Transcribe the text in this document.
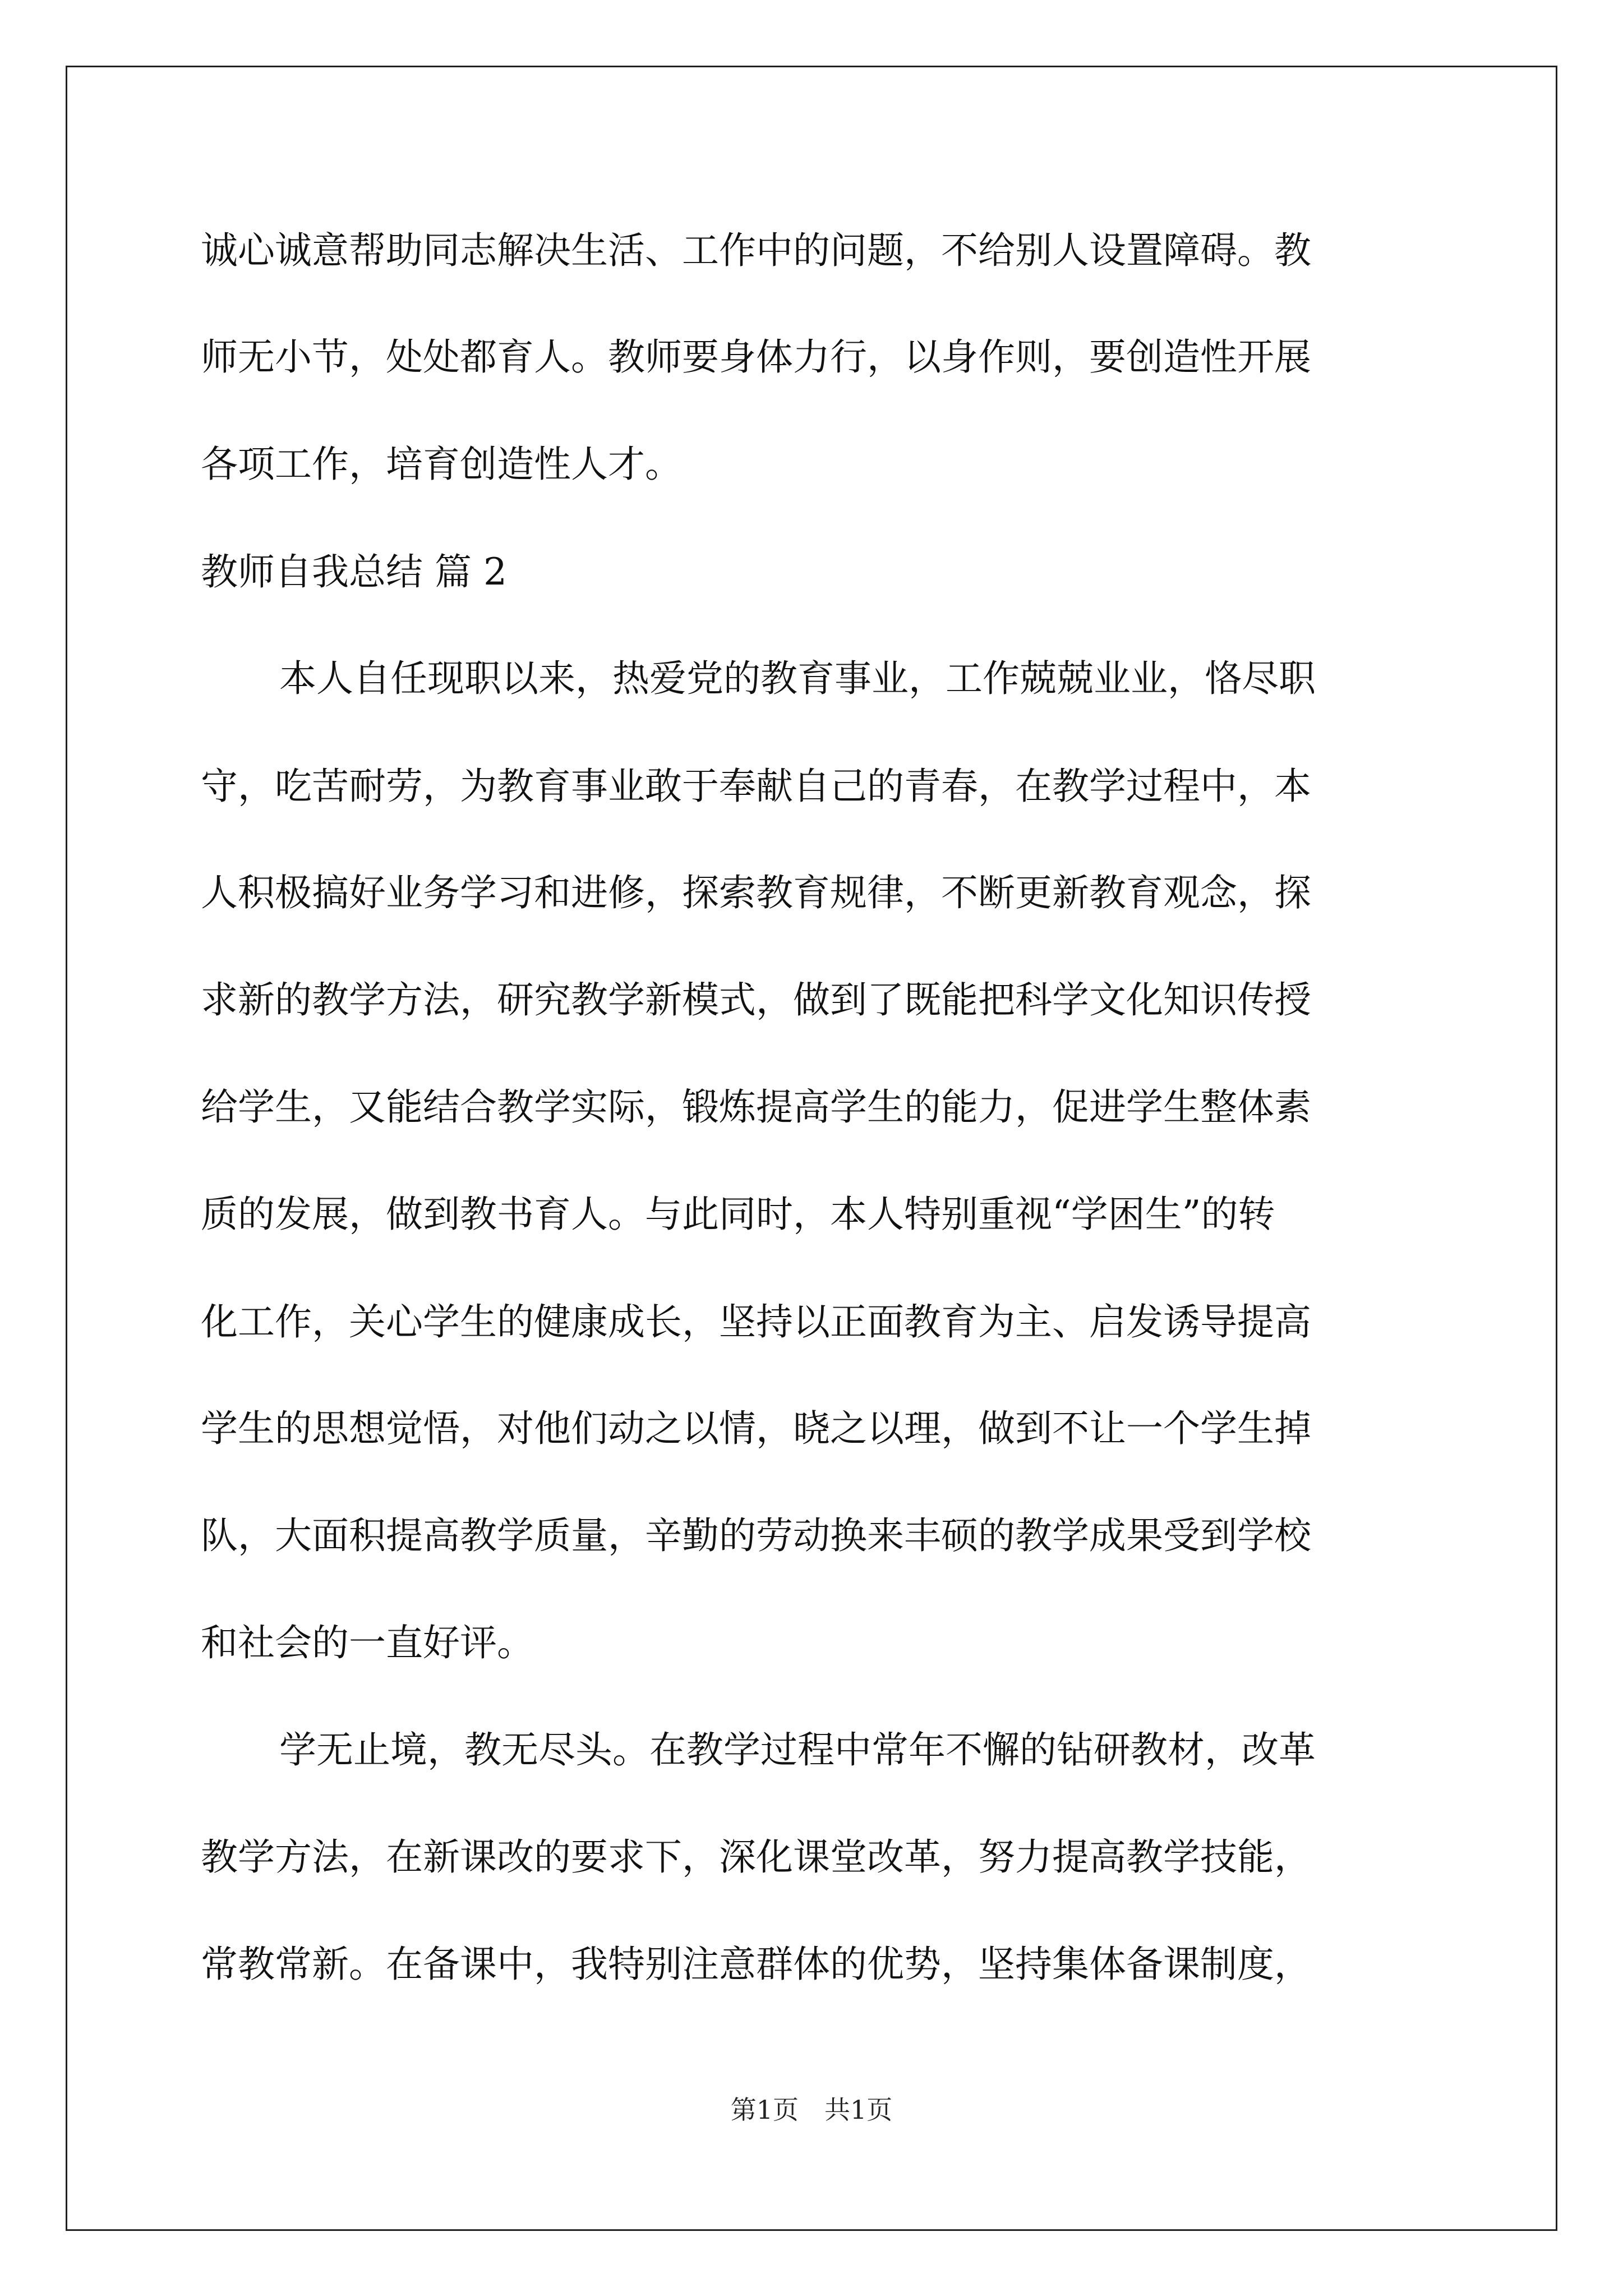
诚心诚意帮助同志解决生活、工作中的问题，不给别人设置障碍。教
师无小节，处处都育人。教师要身体力行，以身作则，要创造性开展
各项工作，培育创造性人才。
教师自我总结 篇 2
本人自任现职以来，热爱党的教育事业，工作兢兢业业，恪尽职
守，吃苦耐劳，为教育事业敢于奉献自己的青春，在教学过程中，本
人积极搞好业务学习和进修，探索教育规律，不断更新教育观念，探
求新的教学方法，研究教学新模式，做到了既能把科学文化知识传授
给学生，又能结合教学实际，锻炼提高学生的能力，促进学生整体素
质的发展，做到教书育人。与此同时，本人特别重视“学困生”的转
化工作，关心学生的健康成长，坚持以正面教育为主、启发诱导提高
学生的思想觉悟，对他们动之以情，晓之以理，做到不让一个学生掉
队，大面积提高教学质量，辛勤的劳动换来丰硕的教学成果受到学校
和社会的一直好评。
学无止境，教无尽头。在教学过程中常年不懈的钻研教材，改革
教学方法，在新课改的要求下，深化课堂改革，努力提高教学技能，
常教常新。在备课中，我特别注意群体的优势，坚持集体备课制度，
第1页　共1页
